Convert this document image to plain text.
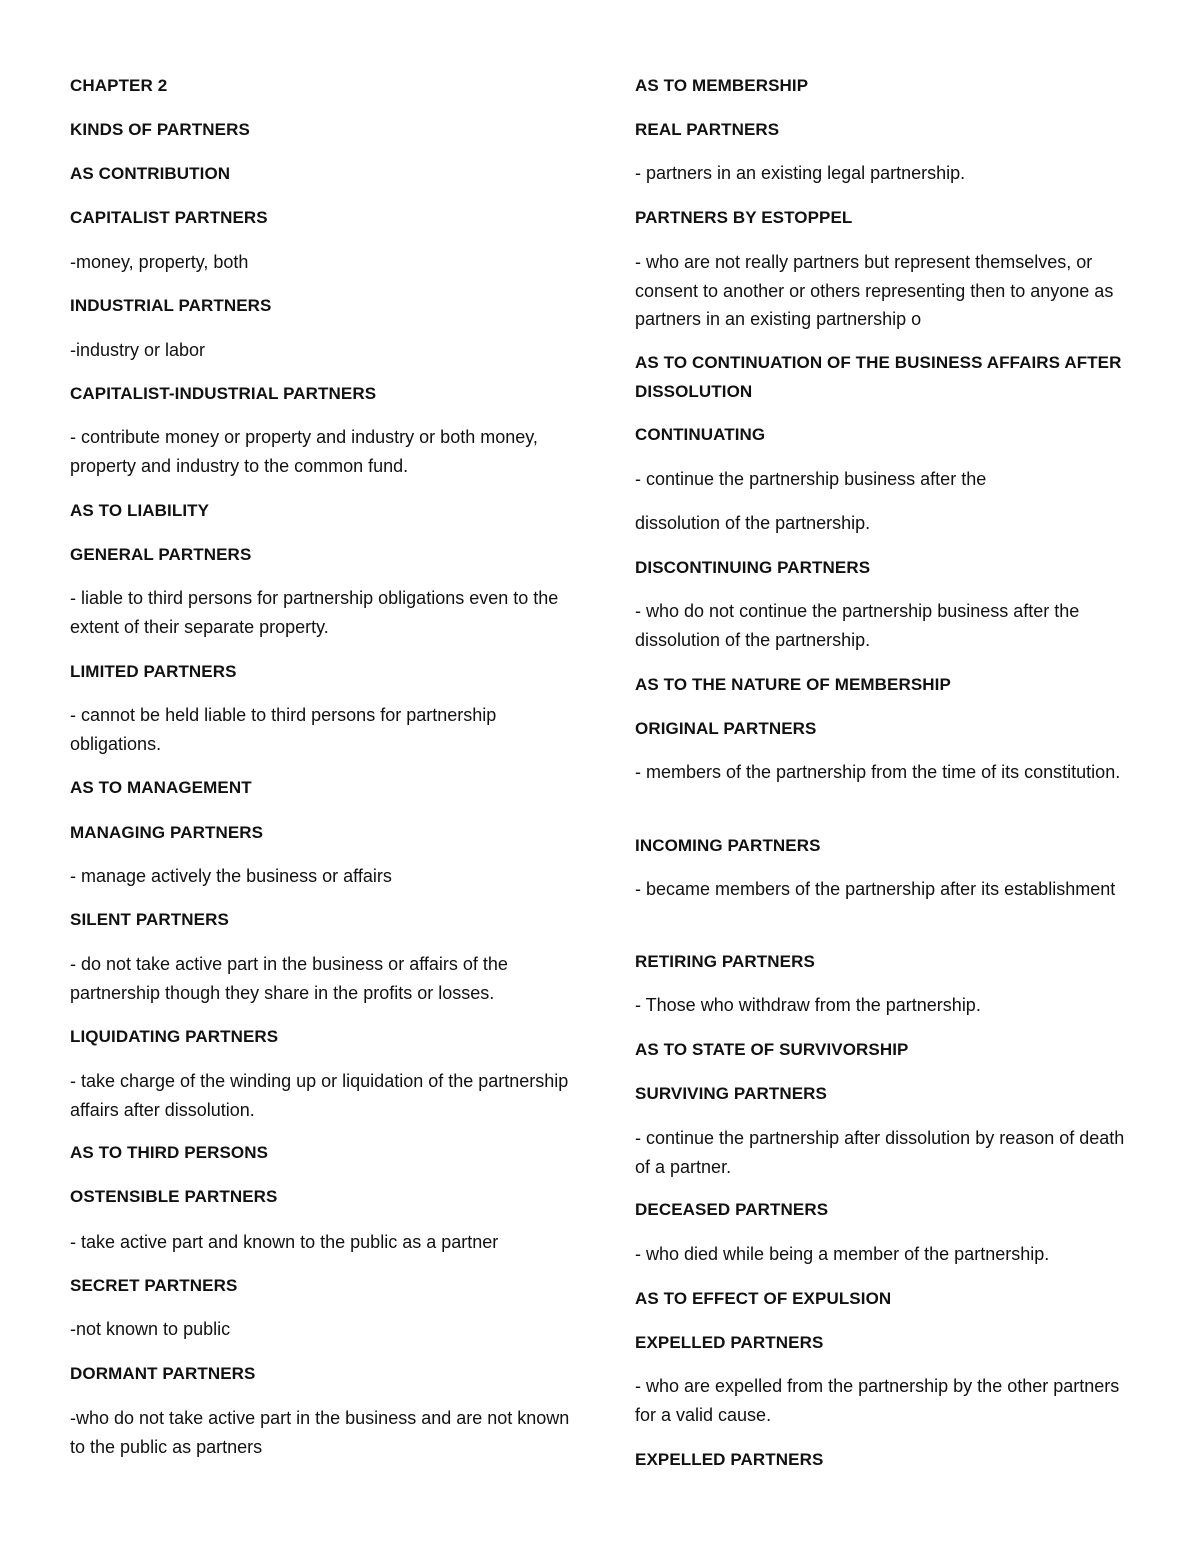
CHAPTER 2

KINDS OF PARTNERS

AS CONTRIBUTION

CAPITALIST PARTNERS

-money, property, both

INDUSTRIAL PARTNERS

-industry or labor

CAPITALIST-INDUSTRIAL PARTNERS

- contribute money or property and industry or both money, property and industry to the common fund.

AS TO LIABILITY

GENERAL PARTNERS

- liable to third persons for partnership obligations even to the extent of their separate property.

LIMITED PARTNERS

- cannot be held liable to third persons for partnership obligations.

AS TO MANAGEMENT

MANAGING PARTNERS

- manage actively the business or affairs

SILENT PARTNERS

- do not take active part in the business or affairs of the partnership though they share in the profits or losses.

LIQUIDATING PARTNERS

- take charge of the winding up or liquidation of the partnership affairs after dissolution.

AS TO THIRD PERSONS

OSTENSIBLE PARTNERS

- take active part and known to the public as a partner

SECRET PARTNERS

-not known to public

DORMANT PARTNERS

-who do not take active part in the business and are not known to the public as partners

AS TO MEMBERSHIP

REAL PARTNERS

- partners in an existing legal partnership.

PARTNERS BY ESTOPPEL

- who are not really partners but represent themselves, or consent to another or others representing then to anyone as partners in an existing partnership o

AS TO CONTINUATION OF THE BUSINESS AFFAIRS AFTER DISSOLUTION

CONTINUATING

- continue the partnership business after the

dissolution of the partnership.

DISCONTINUING PARTNERS

- who do not continue the partnership business after the dissolution of the partnership.

AS TO THE NATURE OF MEMBERSHIP

ORIGINAL PARTNERS

- members of the partnership from the time of its constitution.

INCOMING PARTNERS

- became members of the partnership after its establishment

RETIRING PARTNERS

- Those who withdraw from the partnership.

AS TO STATE OF SURVIVORSHIP

SURVIVING PARTNERS

- continue the partnership after dissolution by reason of death of a partner.

DECEASED PARTNERS

- who died while being a member of the partnership.

AS TO EFFECT OF EXPULSION

EXPELLED PARTNERS

- who are expelled from the partnership by the other partners for a valid cause.

EXPELLED PARTNERS
